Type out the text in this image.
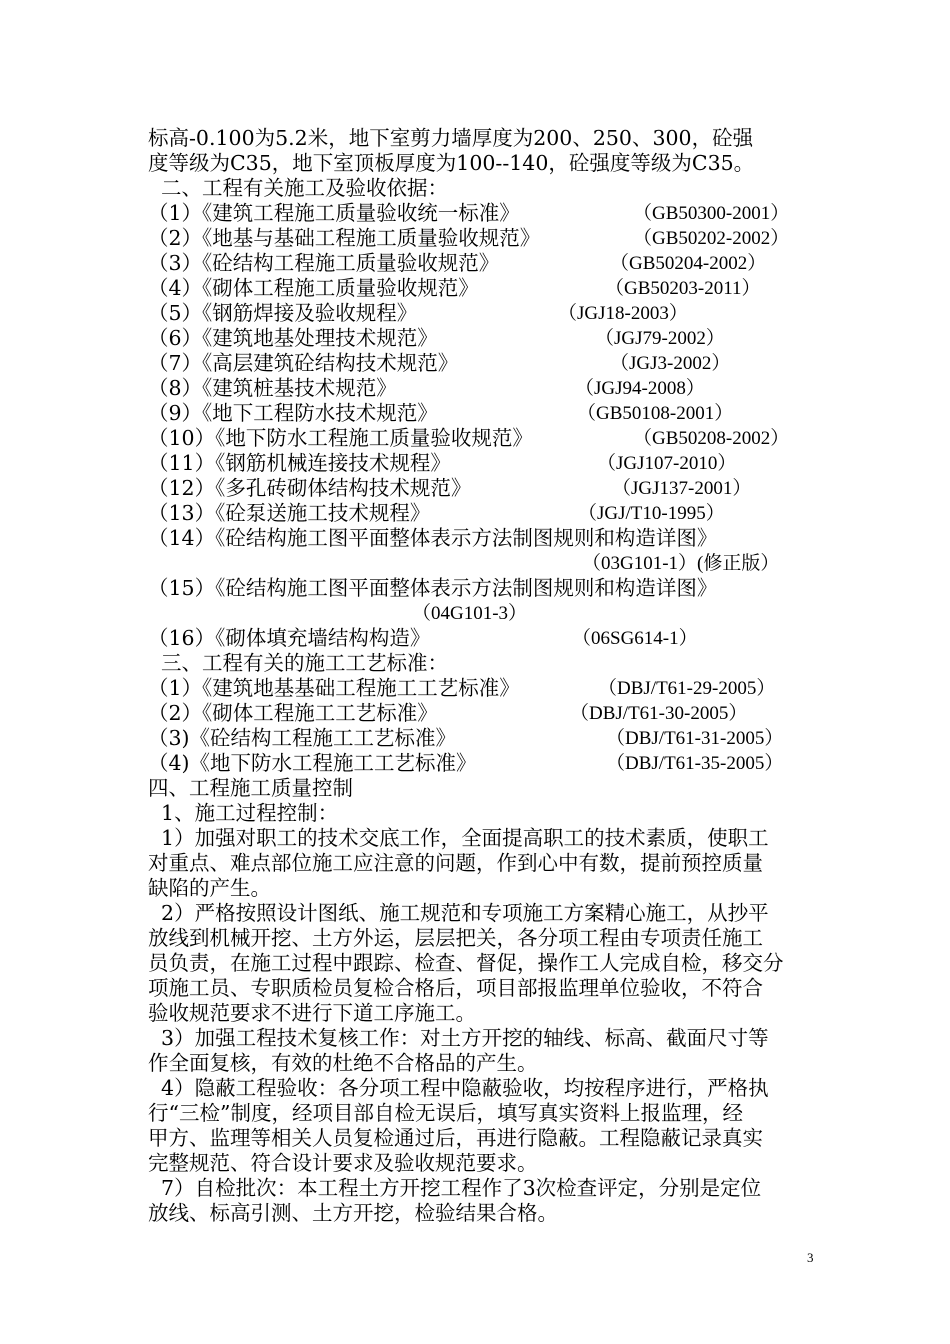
标高-0.100为5.2米，地下室剪力墙厚度为200、250、300，砼强
度等级为C35，地下室顶板厚度为100--140，砼强度等级为C35。
二、工程有关施工及验收依据：
（1）《建筑工程施工质量验收统一标准》	（GB50300-2001）
（2）《地基与基础工程施工质量验收规范》	（GB50202-2002）
（3）《砼结构工程施工质量验收规范》	（GB50204-2002）
（4）《砌体工程施工质量验收规范》	（GB50203-2011）
（5）《钢筋焊接及验收规程》	（JGJ18-2003）
（6）《建筑地基处理技术规范》	（JGJ79-2002）
（7）《高层建筑砼结构技术规范》	（JGJ3-2002）
（8）《建筑桩基技术规范》	（JGJ94-2008）
（9）《地下工程防水技术规范》	（GB50108-2001）
（10）《地下防水工程施工质量验收规范》	（GB50208-2002）
（11）《钢筋机械连接技术规程》	（JGJ107-2010）
（12）《多孔砖砌体结构技术规范》	（JGJ137-2001）
（13）《砼泵送施工技术规程》	（JGJ/T10-1995）
（14）《砼结构施工图平面整体表示方法制图规则和构造详图》
（03G101-1）(修正版）
（15）《砼结构施工图平面整体表示方法制图规则和构造详图》
（04G101-3）
（16）《砌体填充墙结构构造》	（06SG614-1）
三、工程有关的施工工艺标准：
（1）《建筑地基基础工程施工工艺标准》	（DBJ/T61-29-2005）
（2）《砌体工程施工工艺标准》	（DBJ/T61-30-2005）
（3)《砼结构工程施工工艺标准》	（DBJ/T61-31-2005）
（4)《地下防水工程施工工艺标准》	（DBJ/T61-35-2005）
四、工程施工质量控制
1、施工过程控制：
1）加强对职工的技术交底工作，全面提高职工的技术素质，使职工
对重点、难点部位施工应注意的问题，作到心中有数，提前预控质量
缺陷的产生。
2）严格按照设计图纸、施工规范和专项施工方案精心施工，从抄平
放线到机械开挖、土方外运，层层把关，各分项工程由专项责任施工
员负责，在施工过程中跟踪、检查、督促，操作工人完成自检，移交分
项施工员、专职质检员复检合格后，项目部报监理单位验收，不符合
验收规范要求不进行下道工序施工。
3）加强工程技术复核工作：对土方开挖的轴线、标高、截面尺寸等
作全面复核，有效的杜绝不合格品的产生。
4）隐蔽工程验收：各分项工程中隐蔽验收，均按程序进行，严格执
行“三检”制度，经项目部自检无误后，填写真实资料上报监理，经
甲方、监理等相关人员复检通过后，再进行隐蔽。工程隐蔽记录真实
完整规范、符合设计要求及验收规范要求。
7）自检批次：本工程土方开挖工程作了3次检查评定，分别是定位
放线、标高引测、土方开挖，检验结果合格。
3
